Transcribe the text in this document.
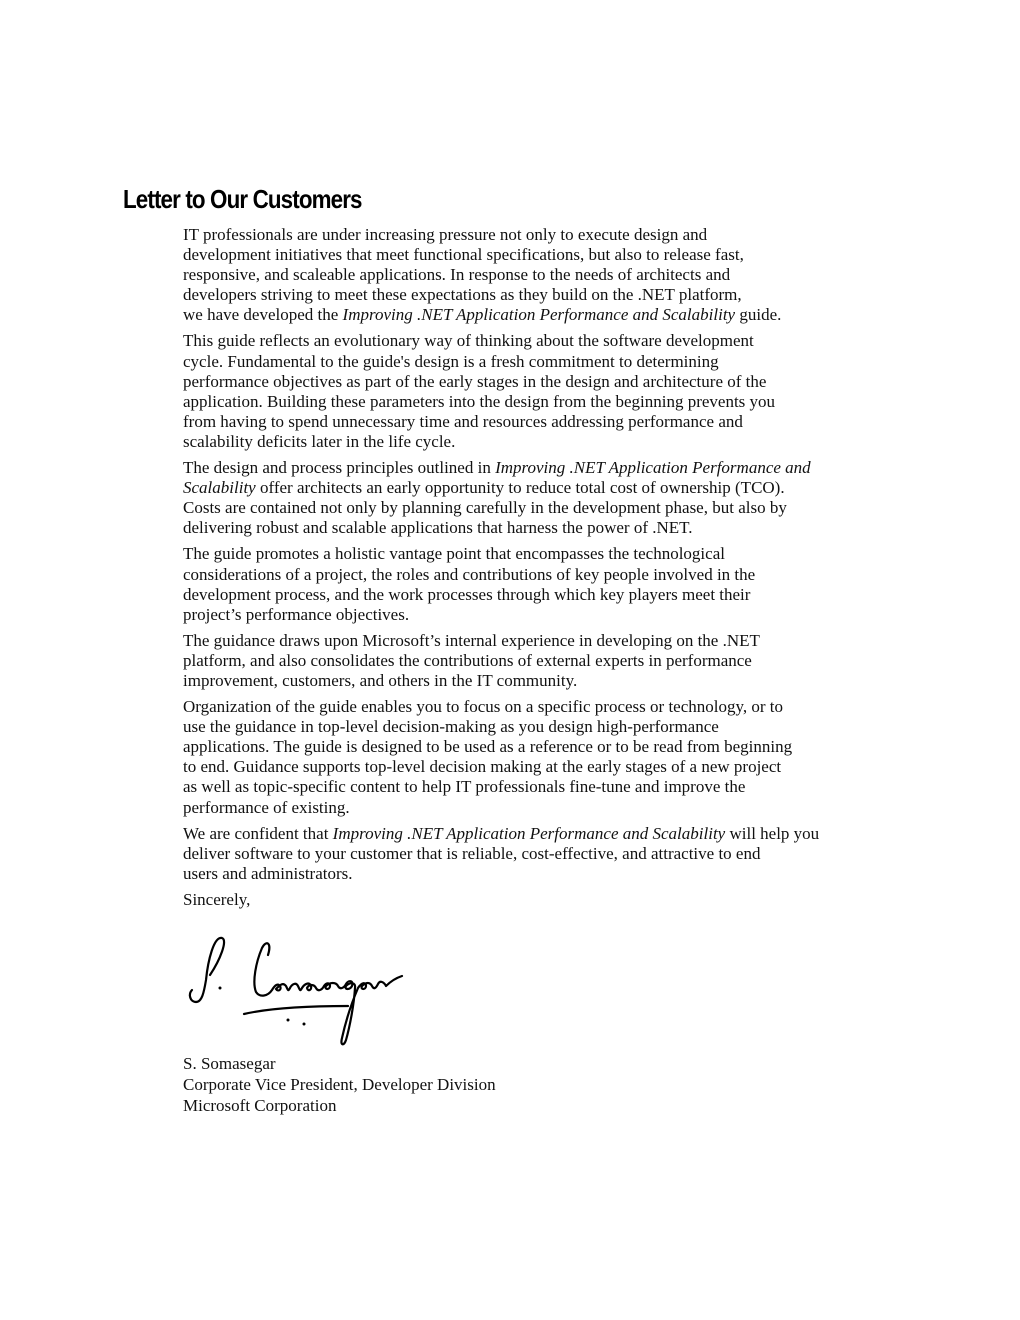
Letter to Our Customers

IT professionals are under increasing pressure not only to execute design and
development initiatives that meet functional specifications, but also to release fast,
responsive, and scaleable applications. In response to the needs of architects and
developers striving to meet these expectations as they build on the .NET platform,
we have developed the Improving .NET Application Performance and Scalability guide.

This guide reflects an evolutionary way of thinking about the software development
cycle. Fundamental to the guide's design is a fresh commitment to determining
performance objectives as part of the early stages in the design and architecture of the
application. Building these parameters into the design from the beginning prevents you
from having to spend unnecessary time and resources addressing performance and
scalability deficits later in the life cycle.

The design and process principles outlined in Improving .NET Application Performance and
Scalability offer architects an early opportunity to reduce total cost of ownership (TCO).
Costs are contained not only by planning carefully in the development phase, but also by
delivering robust and scalable applications that harness the power of .NET.

The guide promotes a holistic vantage point that encompasses the technological
considerations of a project, the roles and contributions of key people involved in the
development process, and the work processes through which key players meet their
project’s performance objectives.

The guidance draws upon Microsoft’s internal experience in developing on the .NET
platform, and also consolidates the contributions of external experts in performance
improvement, customers, and others in the IT community.

Organization of the guide enables you to focus on a specific process or technology, or to
use the guidance in top-level decision-making as you design high-performance
applications. The guide is designed to be used as a reference or to be read from beginning
to end. Guidance supports top-level decision making at the early stages of a new project
as well as topic-specific content to help IT professionals fine-tune and improve the
performance of existing.

We are confident that Improving .NET Application Performance and Scalability will help you
deliver software to your customer that is reliable, cost-effective, and attractive to end
users and administrators.

Sincerely,

S. Somasegar
Corporate Vice President, Developer Division
Microsoft Corporation
